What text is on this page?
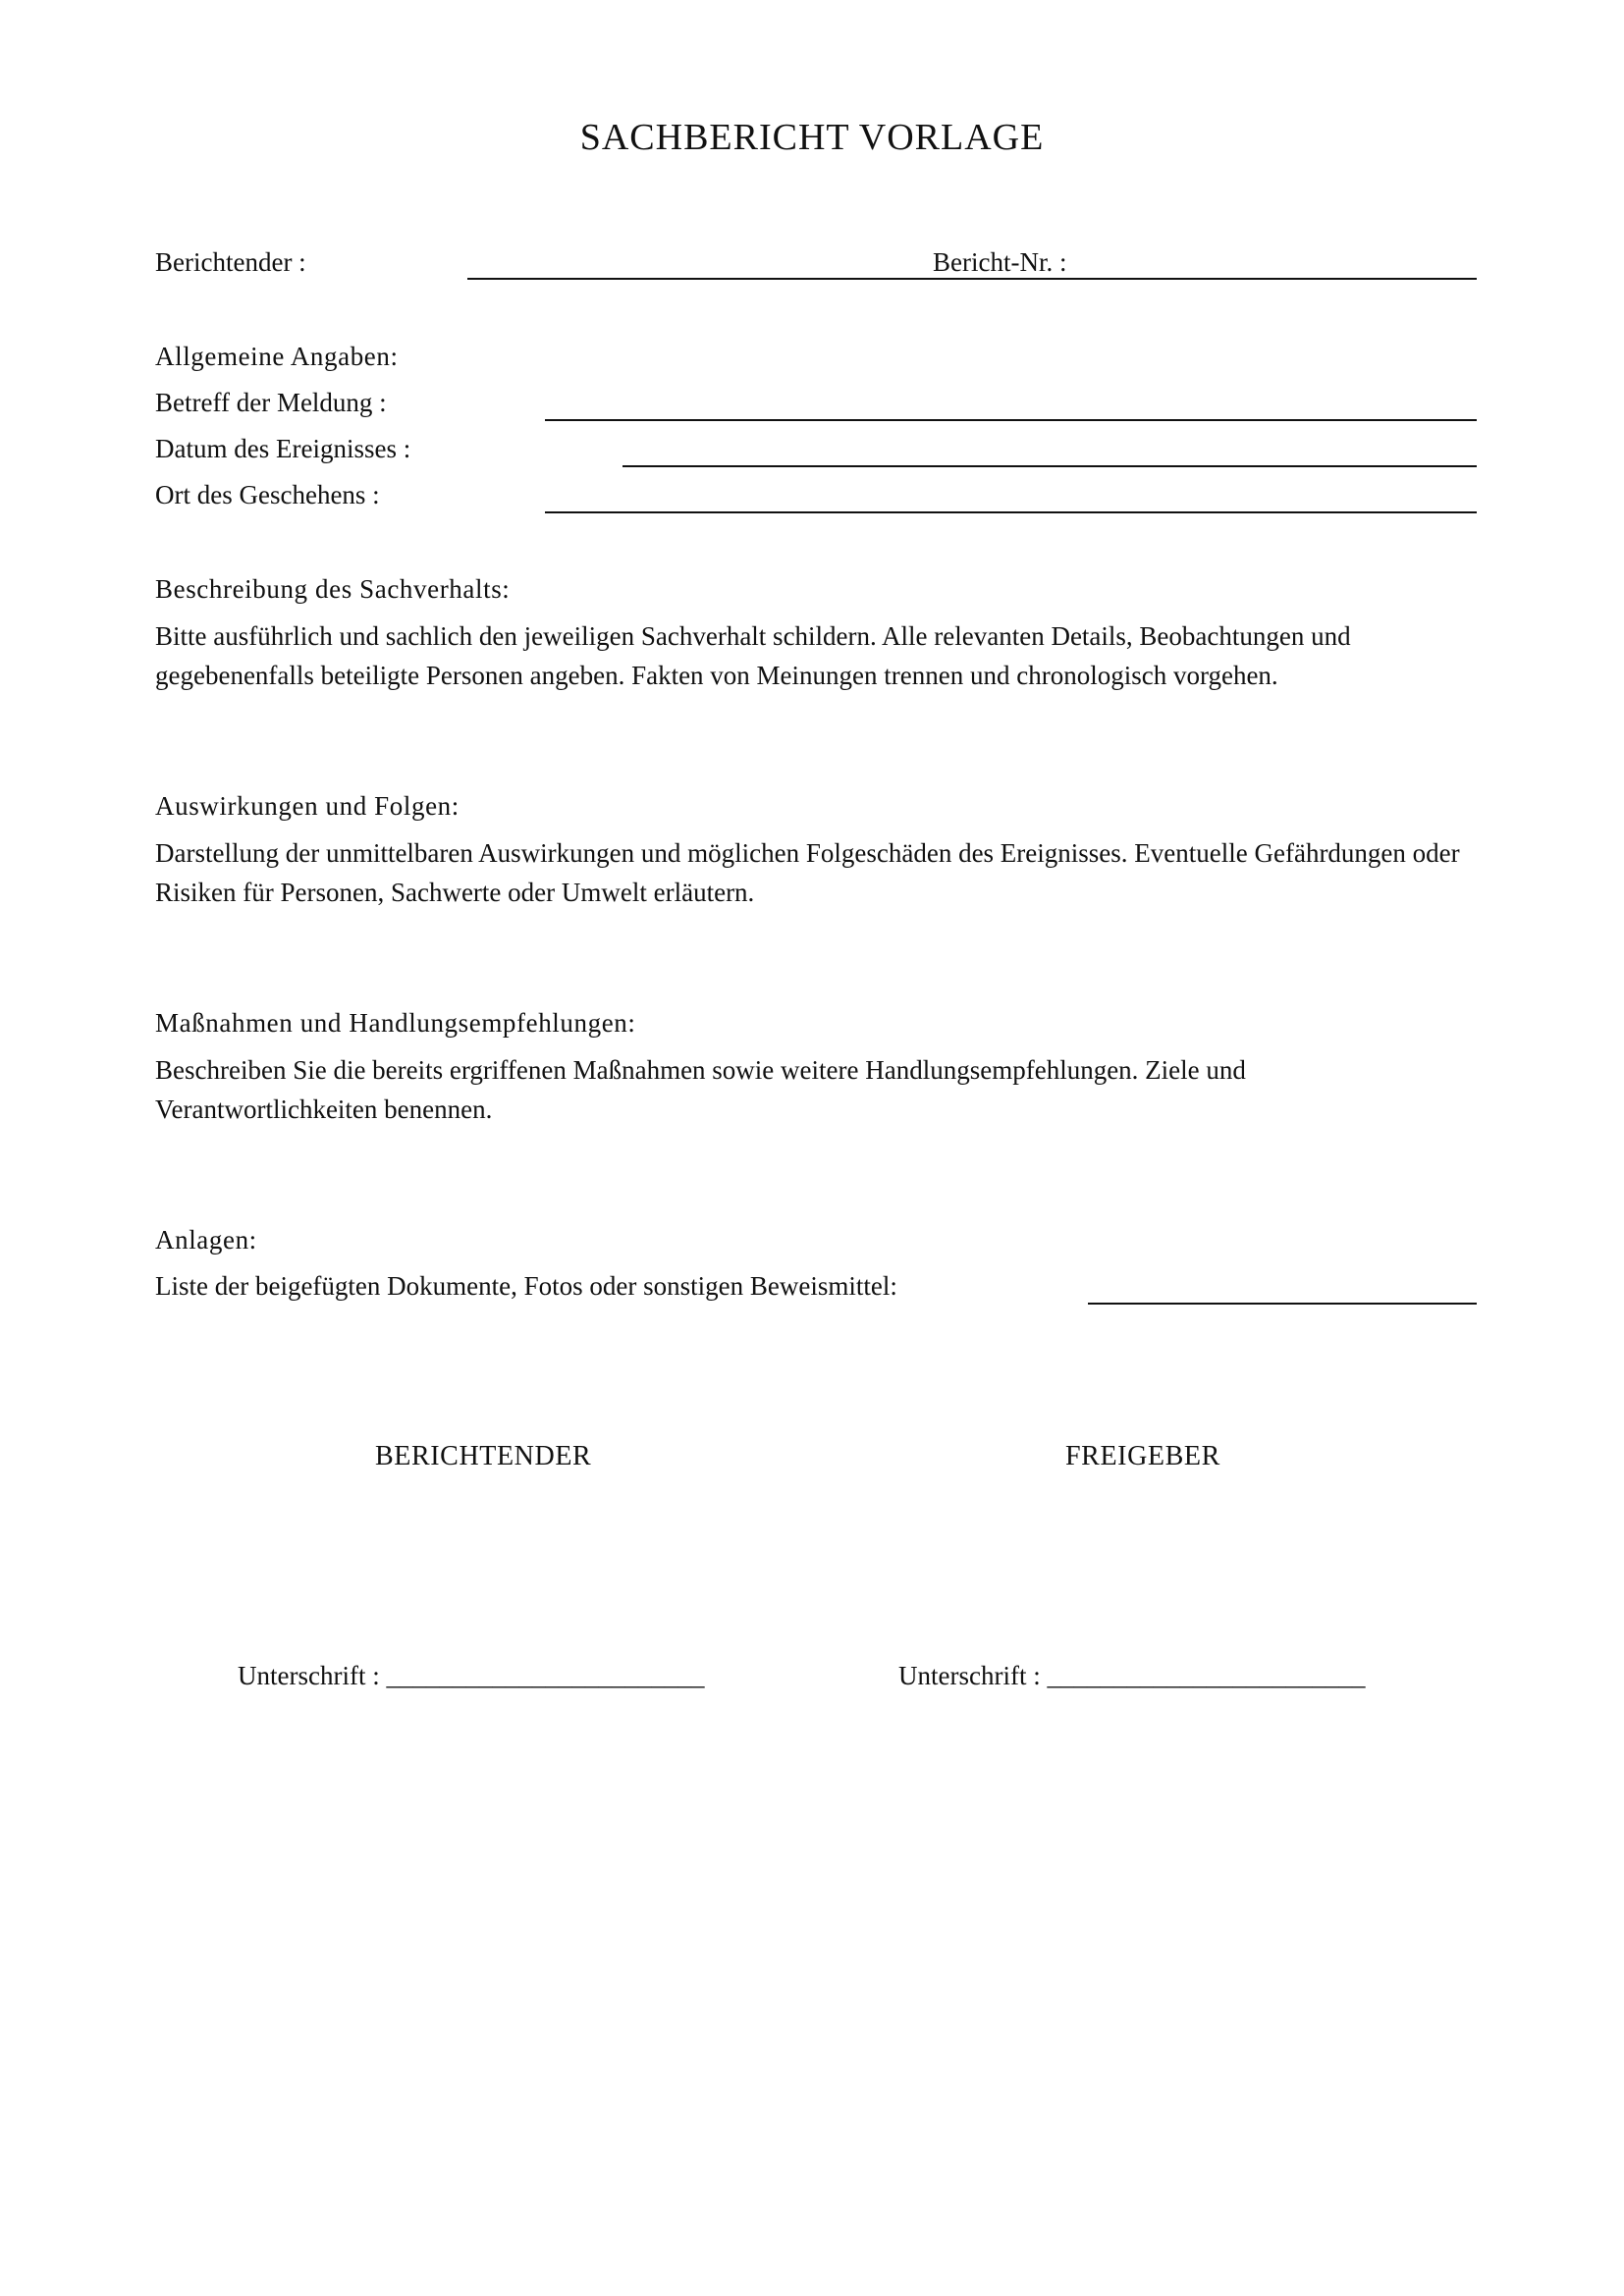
SACHBERICHT VORLAGE
Berichtender :	Bericht-Nr. :
Allgemeine Angaben:
Betreff der Meldung :
Datum des Ereignisses :
Ort des Geschehens :
Beschreibung des Sachverhalts:
Bitte ausführlich und sachlich den jeweiligen Sachverhalt schildern. Alle relevanten Details, Beobachtungen und gegebenenfalls beteiligte Personen angeben. Fakten von Meinungen trennen und chronologisch vorgehen.
Auswirkungen und Folgen:
Darstellung der unmittelbaren Auswirkungen und möglichen Folgeschäden des Ereignisses. Eventuelle Gefährdungen oder Risiken für Personen, Sachwerte oder Umwelt erläutern.
Maßnahmen und Handlungsempfehlungen:
Beschreiben Sie die bereits ergriffenen Maßnahmen sowie weitere Handlungsempfehlungen. Ziele und Verantwortlichkeiten benennen.
Anlagen:
Liste der beigefügten Dokumente, Fotos oder sonstigen Beweismittel:
BERICHTENDER	FREIGEBER
Unterschrift : ________________________	Unterschrift : ________________________
